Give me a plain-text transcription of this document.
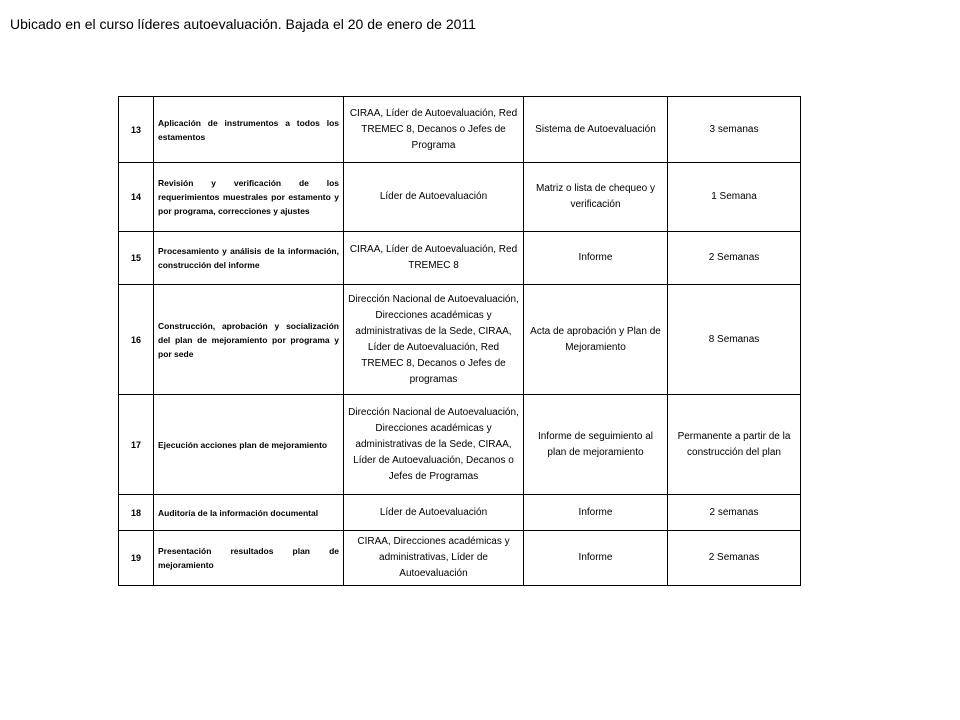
Ubicado en el curso líderes autoevaluación. Bajada el 20 de enero de 2011
13	Aplicación de instrumentos a todos los estamentos	CIRAA, Líder de Autoevaluación, Red TREMEC 8, Decanos o Jefes de Programa	Sistema de Autoevaluación	3 semanas
14	Revisión y verificación de los requerimientos muestrales por estamento y por programa, correcciones y ajustes	Líder de Autoevaluación	Matriz o lista de chequeo y verificación	1 Semana
15	Procesamiento y análisis de la información, construcción del informe	CIRAA, Líder de Autoevaluación, Red TREMEC 8	Informe	2 Semanas
16	Construcción, aprobación y socialización del plan de mejoramiento por programa y por sede	Dirección Nacional de Autoevaluación, Direcciones académicas y administrativas de la Sede, CIRAA, Líder de Autoevaluación, Red TREMEC 8, Decanos o Jefes de programas	Acta de aprobación y Plan de Mejoramiento	8 Semanas
17	Ejecución acciones plan de mejoramiento	Dirección Nacional de Autoevaluación, Direcciones académicas y administrativas de la Sede, CIRAA, Líder de Autoevaluación, Decanos o Jefes de Programas	Informe de seguimiento al plan de mejoramiento	Permanente a partir de la construcción del plan
18	Auditoría de la información documental	Líder de Autoevaluación	Informe	2 semanas
19	Presentación resultados plan de mejoramiento	CIRAA, Direcciones académicas y administrativas, Líder de Autoevaluación	Informe	2 Semanas
